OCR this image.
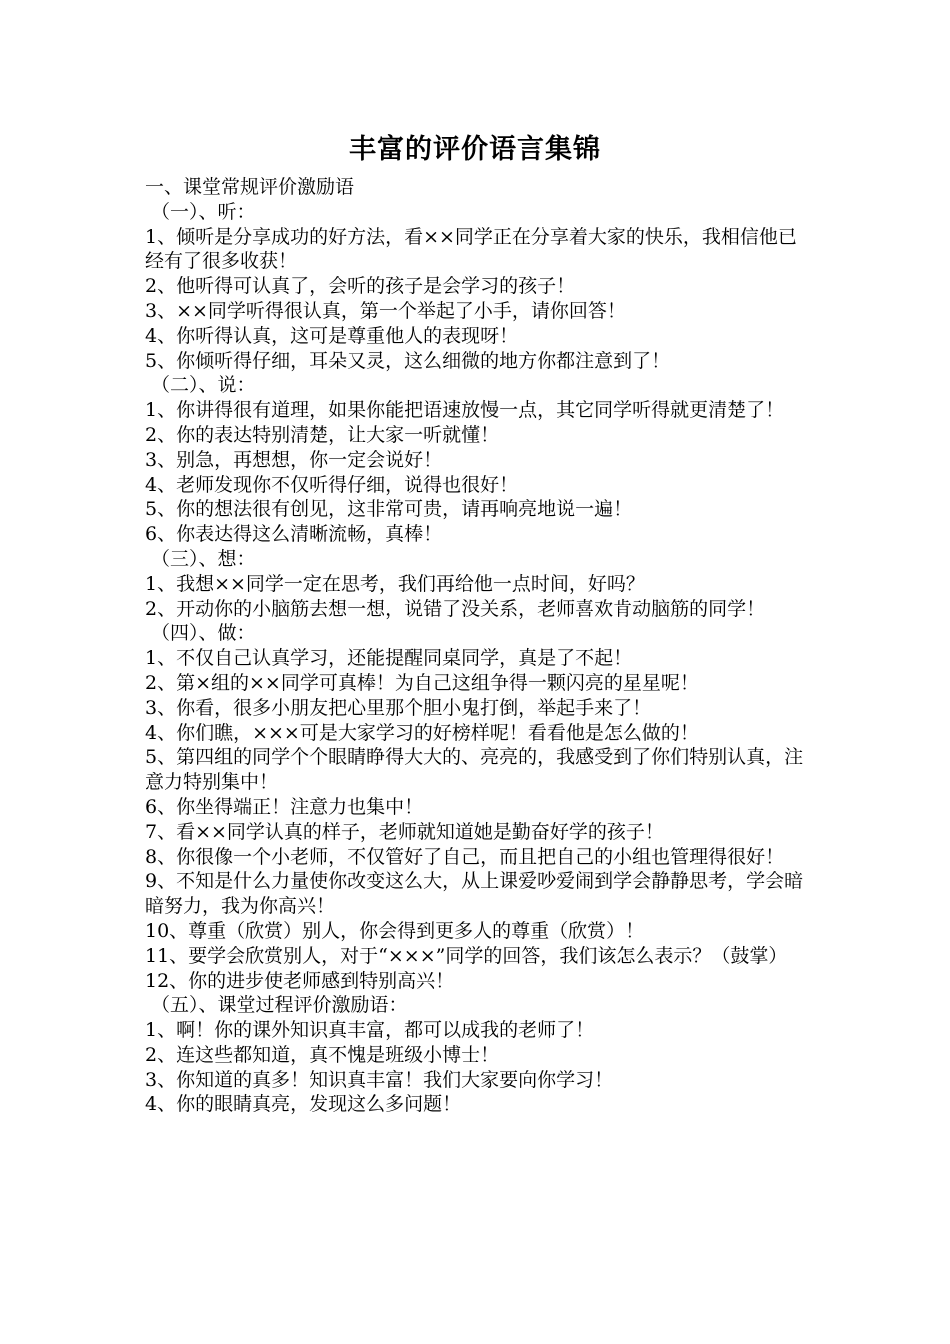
丰富的评价语言集锦

一、课堂常规评价激励语

（一）、听：

1、倾听是分享成功的好方法，看××同学正在分享着大家的快乐，我相信他已经有了很多收获！

2、他听得可认真了，会听的孩子是会学习的孩子！

3、××同学听得很认真，第一个举起了小手，请你回答！

4、你听得认真，这可是尊重他人的表现呀！

5、你倾听得仔细，耳朵又灵，这么细微的地方你都注意到了！

（二）、说：

1、你讲得很有道理，如果你能把语速放慢一点，其它同学听得就更清楚了！

2、你的表达特别清楚，让大家一听就懂！

3、别急，再想想，你一定会说好！

4、老师发现你不仅听得仔细，说得也很好！

5、你的想法很有创见，这非常可贵，请再响亮地说一遍！

6、你表达得这么清晰流畅，真棒！

（三）、想：

1、我想××同学一定在思考，我们再给他一点时间，好吗？

2、开动你的小脑筋去想一想，说错了没关系，老师喜欢肯动脑筋的同学！

（四）、做：

1、不仅自己认真学习，还能提醒同桌同学，真是了不起！

2、第×组的××同学可真棒！为自己这组争得一颗闪亮的星星呢！

3、你看，很多小朋友把心里那个胆小鬼打倒，举起手来了！

4、你们瞧，×××可是大家学习的好榜样呢！看看他是怎么做的！

5、第四组的同学个个眼睛睁得大大的、亮亮的，我感受到了你们特别认真，注意力特别集中！

6、你坐得端正！注意力也集中！

7、看××同学认真的样子，老师就知道她是勤奋好学的孩子！

8、你很像一个小老师，不仅管好了自己，而且把自己的小组也管理得很好！

9、不知是什么力量使你改变这么大，从上课爱吵爱闹到学会静静思考，学会暗暗努力，我为你高兴！

10、尊重（欣赏）别人，你会得到更多人的尊重（欣赏）！

11、要学会欣赏别人，对于“×××”同学的回答，我们该怎么表示？（鼓掌）

12、你的进步使老师感到特别高兴！

（五）、课堂过程评价激励语：

1、啊！你的课外知识真丰富，都可以成我的老师了！

2、连这些都知道，真不愧是班级小博士！

3、你知道的真多！知识真丰富！我们大家要向你学习！

4、你的眼睛真亮，发现这么多问题！
